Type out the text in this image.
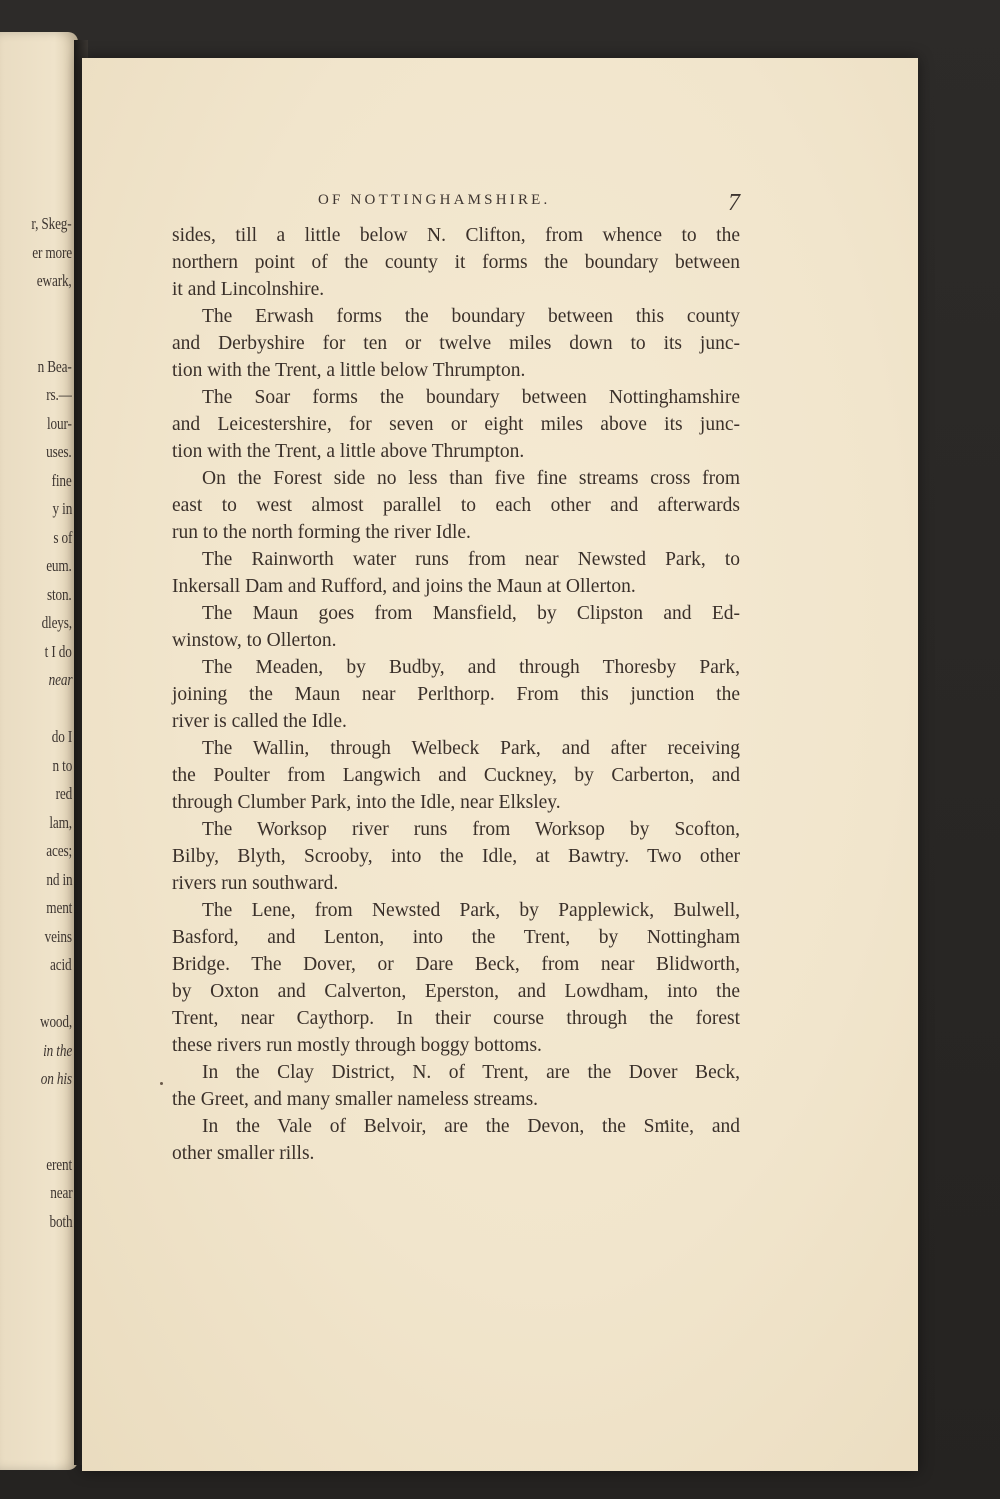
r, Skeg-
er more
ewark,
n Bea-
rs.—
lour-
uses.
fine
y in
s of
eum.
ston.
dleys,
t I do
near
do I
n to
red
lam,
aces;
nd in
ment
veins
acid
wood,
in the
on his
erent
near
both
OF NOTTINGHAMSHIRE.	7
sides, till a little below N. Clifton, from whence to the
northern point of the county it forms the boundary between
it and Lincolnshire.
The Erwash forms the boundary between this county
and Derbyshire for ten or twelve miles down to its junc-
tion with the Trent, a little below Thrumpton.
The Soar forms the boundary between Nottinghamshire
and Leicestershire, for seven or eight miles above its junc-
tion with the Trent, a little above Thrumpton.
On the Forest side no less than five fine streams cross from
east to west almost parallel to each other and afterwards
run to the north forming the river Idle.
The Rainworth water runs from near Newsted Park, to
Inkersall Dam and Rufford, and joins the Maun at Ollerton.
The Maun goes from Mansfield, by Clipston and Ed-
winstow, to Ollerton.
The Meaden, by Budby, and through Thoresby Park,
joining the Maun near Perlthorp. From this junction the
river is called the Idle.
The Wallin, through Welbeck Park, and after receiving
the Poulter from Langwich and Cuckney, by Carberton, and
through Clumber Park, into the Idle, near Elksley.
The Worksop river runs from Worksop by Scofton,
Bilby, Blyth, Scrooby, into the Idle, at Bawtry. Two other
rivers run southward.
The Lene, from Newsted Park, by Papplewick, Bulwell,
Basford, and Lenton, into the Trent, by Nottingham
Bridge. The Dover, or Dare Beck, from near Blidworth,
by Oxton and Calverton, Eperston, and Lowdham, into the
Trent, near Caythorp. In their course through the forest
these rivers run mostly through boggy bottoms.
In the Clay District, N. of Trent, are the Dover Beck,
the Greet, and many smaller nameless streams.
In the Vale of Belvoir, are the Devon, the Smite, and
other smaller rills.
